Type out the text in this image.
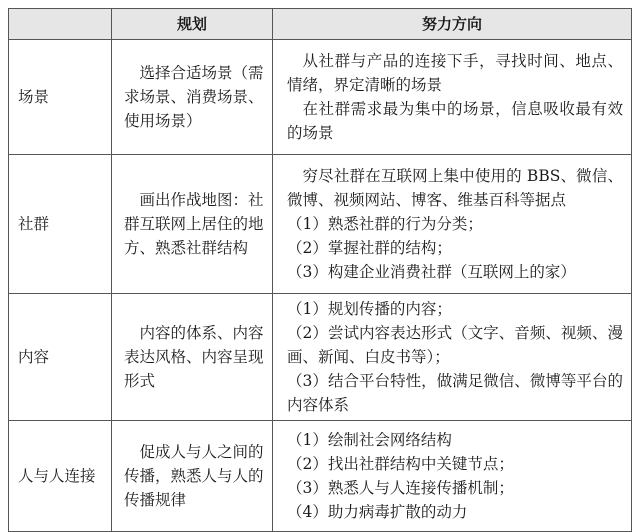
	规划	努力方向
场景	选择合适场景（需求场景、消费场景、使用场景）	从社群与产品的连接下手，寻找时间、地点、情绪，界定清晰的场景

在社群需求最为集中的场景，信息吸收最有效的场景

社群	画出作战地图：社群互联网上居住的地方、熟悉社群结构	穷尽社群在互联网上集中使用的 BBS、微信、微博、视频网站、博客、维基百科等据点

（1）熟悉社群的行为分类；

（2）掌握社群的结构；

（3）构建企业消费社群（互联网上的家）

内容	内容的体系、内容表达风格、内容呈现形式	（1）规划传播的内容；

（2）尝试内容表达形式（文字、音频、视频、漫画、新闻、白皮书等）；

（3）结合平台特性，做满足微信、微博等平台的内容体系

人与人连接	促成人与人之间的传播，熟悉人与人的传播规律	（1）绘制社会网络结构

（2）找出社群结构中关键节点；

（3）熟悉人与人连接传播机制；

（4）助力病毒扩散的动力
